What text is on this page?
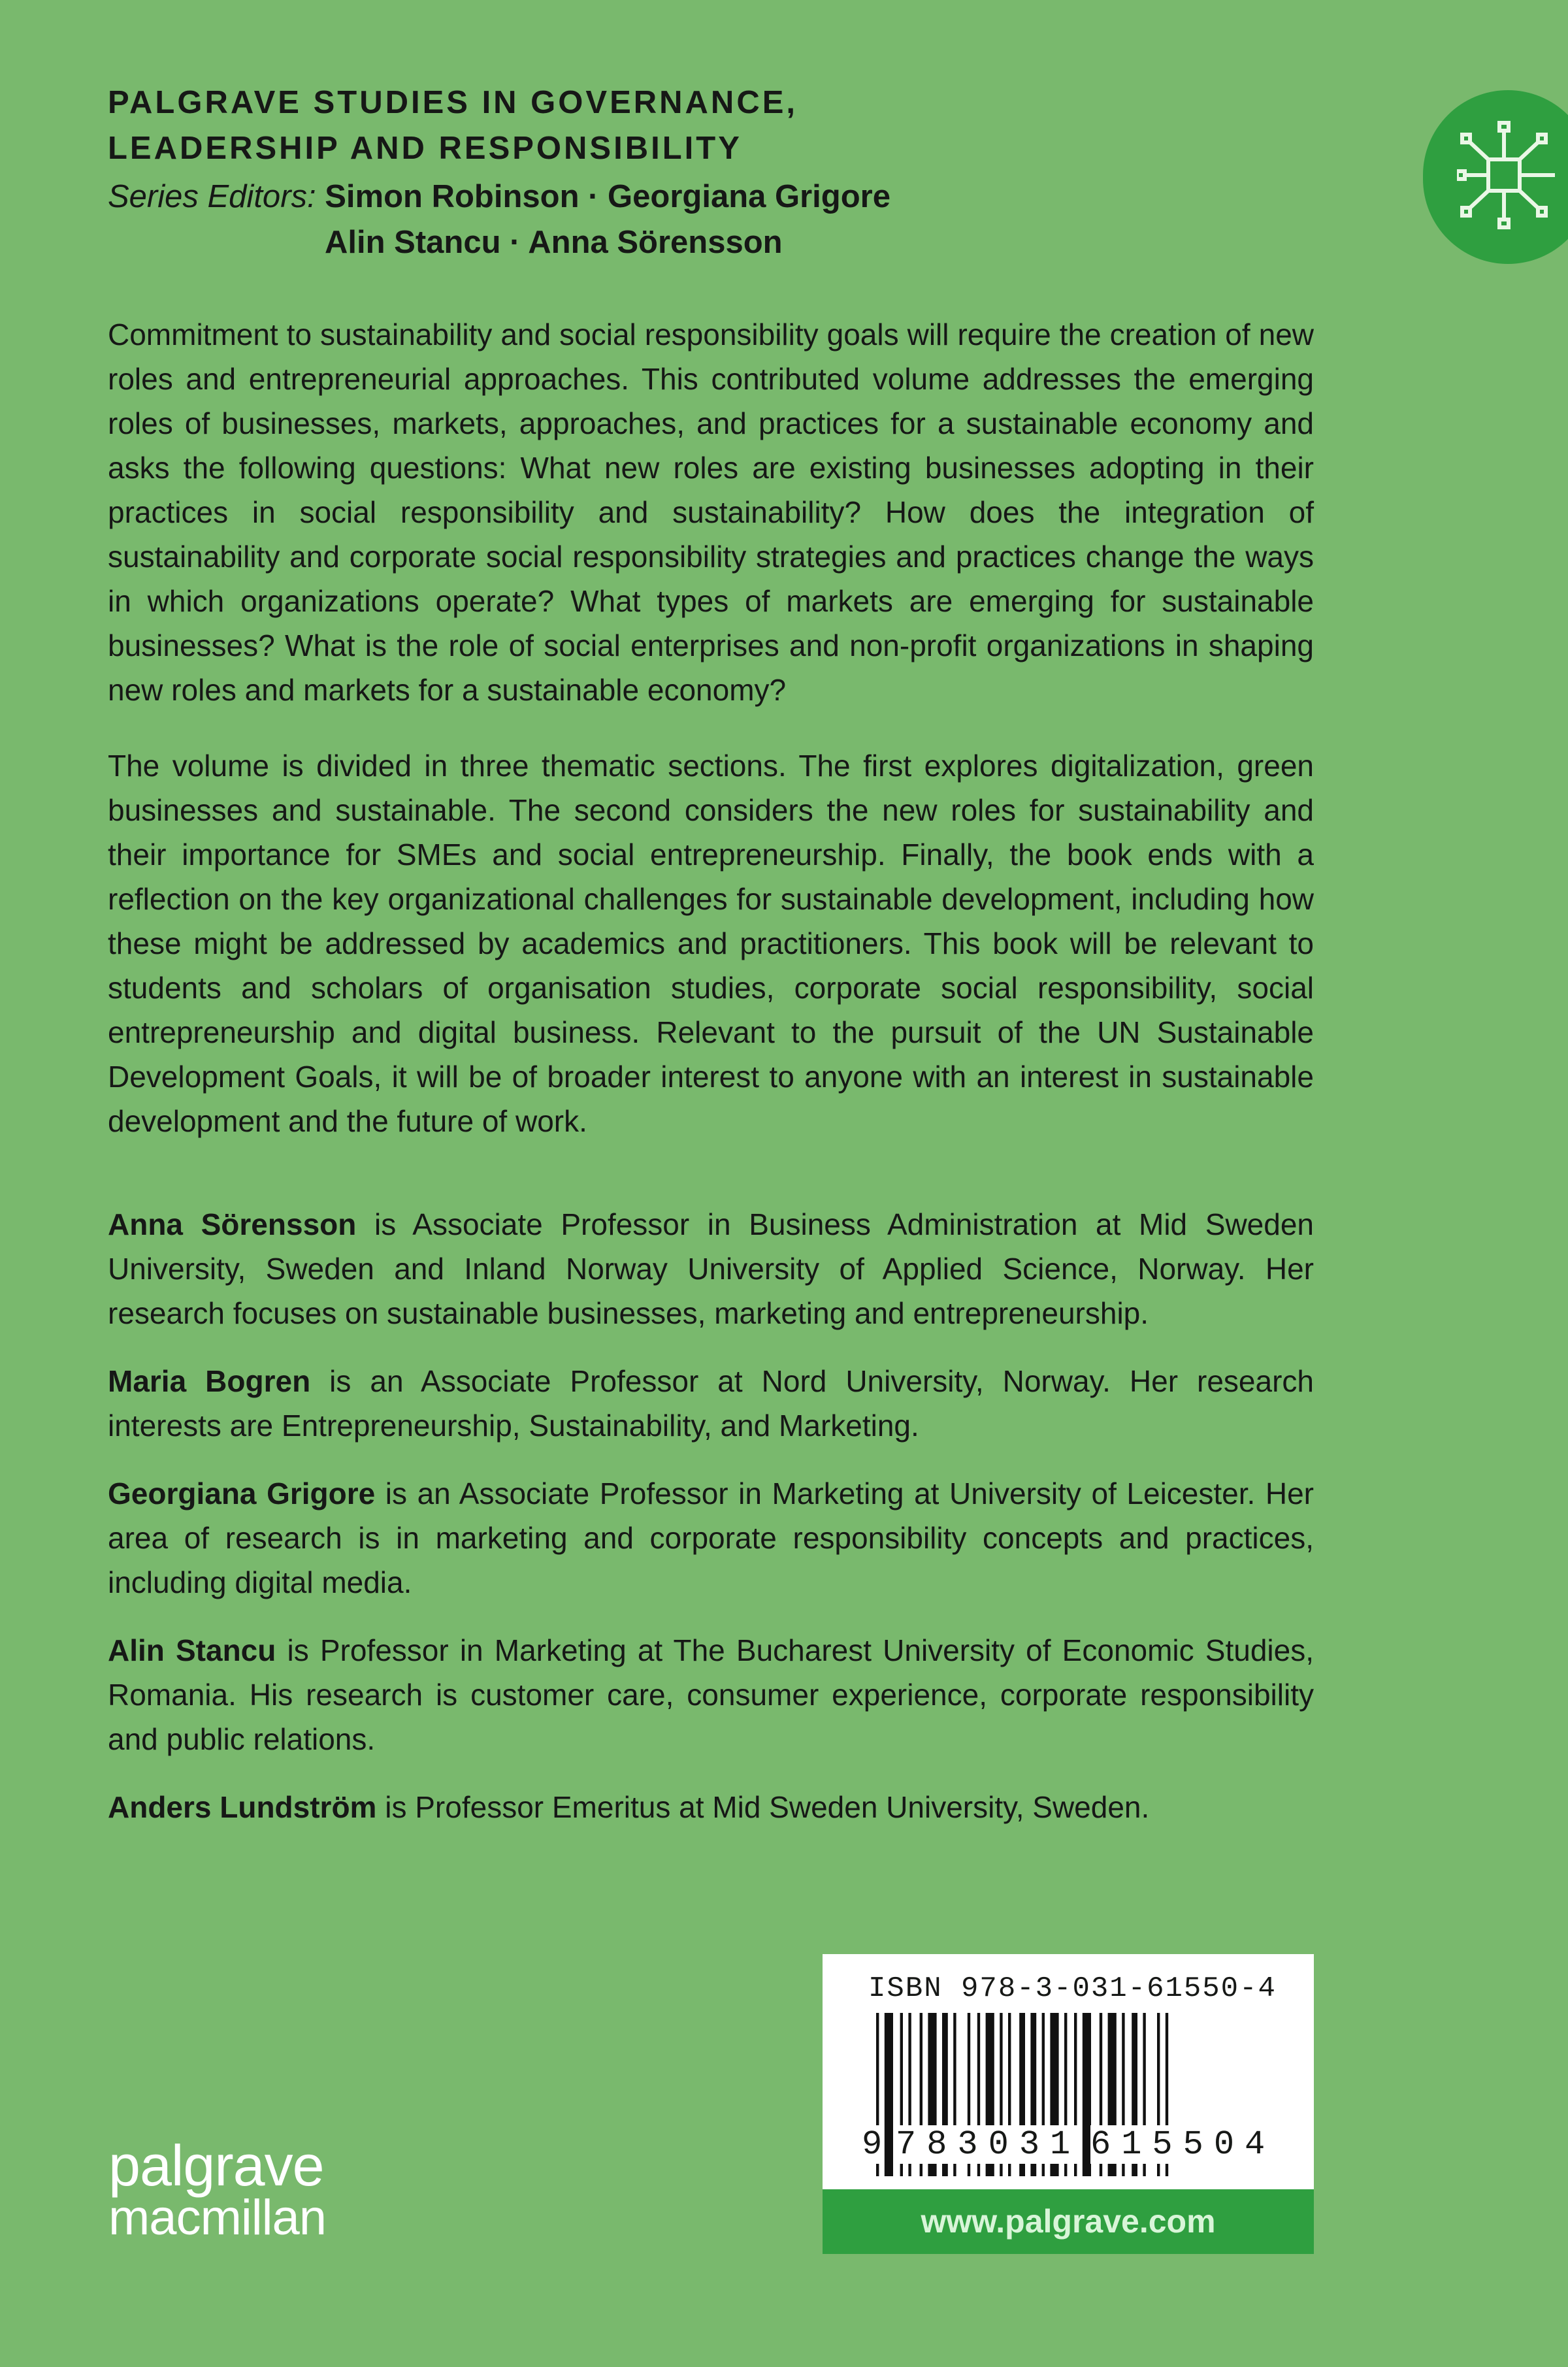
PALGRAVE STUDIES IN GOVERNANCE,
LEADERSHIP AND RESPONSIBILITY
Series Editors: Simon Robinson · Georgiana Grigore
Alin Stancu · Anna Sörensson

Commitment to sustainability and social responsibility goals will require the creation of new roles and entrepreneurial approaches. This contributed volume addresses the emerging roles of businesses, markets, approaches, and practices for a sustainable economy and asks the following questions: What new roles are existing businesses adopting in their practices in social responsibility and sustainability? How does the integration of sustainability and corporate social responsibility strategies and practices change the ways in which organizations operate? What types of markets are emerging for sustainable businesses? What is the role of social enterprises and non-profit organizations in shaping new roles and markets for a sustainable economy?

The volume is divided in three thematic sections. The first explores digitalization, green businesses and sustainable. The second considers the new roles for sustainability and their importance for SMEs and social entrepreneurship. Finally, the book ends with a reflection on the key organizational challenges for sustainable development, including how these might be addressed by academics and practitioners. This book will be relevant to students and scholars of organisation studies, corporate social responsibility, social entrepreneurship and digital business. Relevant to the pursuit of the UN Sustainable Development Goals, it will be of broader interest to anyone with an interest in sustainable development and the future of work.

Anna Sörensson is Associate Professor in Business Administration at Mid Sweden University, Sweden and Inland Norway University of Applied Science, Norway. Her research focuses on sustainable businesses, marketing and entrepreneurship.

Maria Bogren is an Associate Professor at Nord University, Norway. Her research interests are Entrepreneurship, Sustainability, and Marketing.

Georgiana Grigore is an Associate Professor in Marketing at University of Leicester. Her area of research is in marketing and corporate responsibility concepts and practices, including digital media.

Alin Stancu is Professor in Marketing at The Bucharest University of Economic Studies, Romania. His research is customer care, consumer experience, corporate responsibility and public relations.

Anders Lundström is Professor Emeritus at Mid Sweden University, Sweden.

palgrave
macmillan
ISBN 978-3-031-61550-4
9 783031 615504
www.palgrave.com
